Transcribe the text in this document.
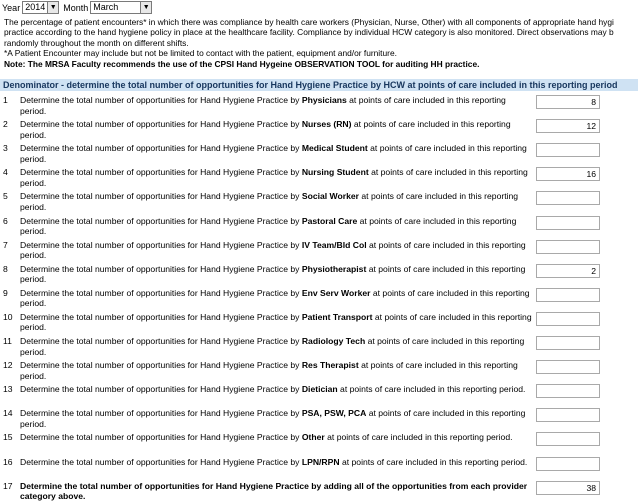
Year 2014 ▼ Month March	▼
The percentage of patient encounters* in which there was compliance by health care workers (Physician, Nurse, Other) with all components of appropriate hand hygi
practice according to the hand hygiene policy in place at the healthcare facility. Compliance by individual HCW category is also monitored. Direct observations may b
randomly throughout the month on different shifts.
*A Patient Encounter may include but not be limited to contact with the patient, equipment and/or furniture.
Note: The MRSA Faculty recommends the use of the CPSI Hand Hygeine OBSERVATION TOOL for auditing HH practice.
Denominator - determine the total number of opportunities for Hand Hygiene Practice by HCW at points of care included in this reporting period
1 Determine the total number of opportunities for Hand Hygiene Practice by Physicians at points of care included in this reporting period.
8
2 Determine the total number of opportunities for Hand Hygiene Practice by Nurses (RN) at points of care included in this reporting period.
12
3 Determine the total number of opportunities for Hand Hygiene Practice by Medical Student at points of care included in this reporting period.
4 Determine the total number of opportunities for Hand Hygiene Practice by Nursing Student at points of care included in this reporting period.
16
5 Determine the total number of opportunities for Hand Hygiene Practice by Social Worker at points of care included in this reporting period.
6 Determine the total number of opportunities for Hand Hygiene Practice by Pastoral Care at points of care included in this reporting period.
7 Determine the total number of opportunities for Hand Hygiene Practice by IV Team/Bld Col at points of care included in this reporting period.
8 Determine the total number of opportunities for Hand Hygiene Practice by Physiotherapist at points of care included in this reporting period.
2
9 Determine the total number of opportunities for Hand Hygiene Practice by Env Serv Worker at points of care included in this reporting period.
10 Determine the total number of opportunities for Hand Hygiene Practice by Patient Transport at points of care included in this reporting period.
11 Determine the total number of opportunities for Hand Hygiene Practice by Radiology Tech at points of care included in this reporting period.
12 Determine the total number of opportunities for Hand Hygiene Practice by Res Therapist at points of care included in this reporting period.
13 Determine the total number of opportunities for Hand Hygiene Practice by Dietician at points of care included in this reporting period.
14 Determine the total number of opportunities for Hand Hygiene Practice by PSA, PSW, PCA at points of care included in this reporting period.
15 Determine the total number of opportunities for Hand Hygiene Practice by Other at points of care included in this reporting period.
16 Determine the total number of opportunities for Hand Hygiene Practice by LPN/RPN at points of care included in this reporting period.
17 Determine the total number of opportunities for Hand Hygiene Practice by adding all of the opportunities from each provider category above.
38
